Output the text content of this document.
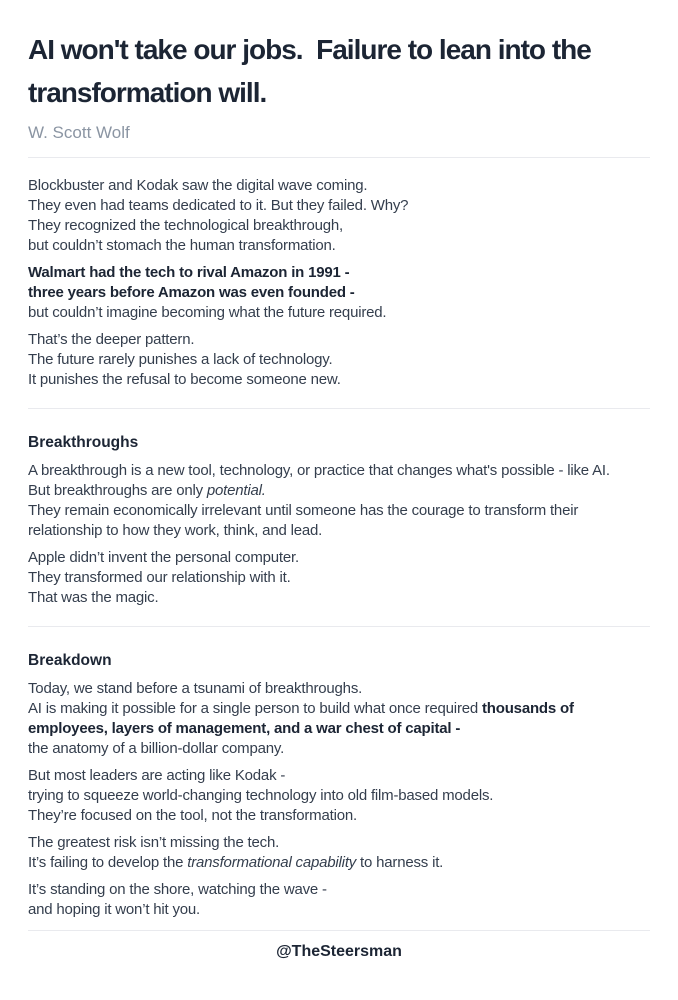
AI won't take our jobs.  Failure to lean into the transformation will.
W. Scott Wolf

Blockbuster and Kodak saw the digital wave coming.
They even had teams dedicated to it. But they failed. Why?
They recognized the technological breakthrough,
but couldn’t stomach the human transformation.

Walmart had the tech to rival Amazon in 1991 -
three years before Amazon was even founded -
but couldn’t imagine becoming what the future required.

That’s the deeper pattern.
The future rarely punishes a lack of technology.
It punishes the refusal to become someone new.

Breakthroughs

A breakthrough is a new tool, technology, or practice that changes what's possible - like AI.
But breakthroughs are only potential.
They remain economically irrelevant until someone has the courage to transform their relationship to how they work, think, and lead.

Apple didn’t invent the personal computer.
They transformed our relationship with it.
That was the magic.

Breakdown

Today, we stand before a tsunami of breakthroughs.
AI is making it possible for a single person to build what once required thousands of employees, layers of management, and a war chest of capital -
the anatomy of a billion-dollar company.

But most leaders are acting like Kodak -
trying to squeeze world-changing technology into old film-based models.
They’re focused on the tool, not the transformation.

The greatest risk isn’t missing the tech.
It’s failing to develop the transformational capability to harness it.

It’s standing on the shore, watching the wave -
and hoping it won’t hit you.

@TheSteersman
